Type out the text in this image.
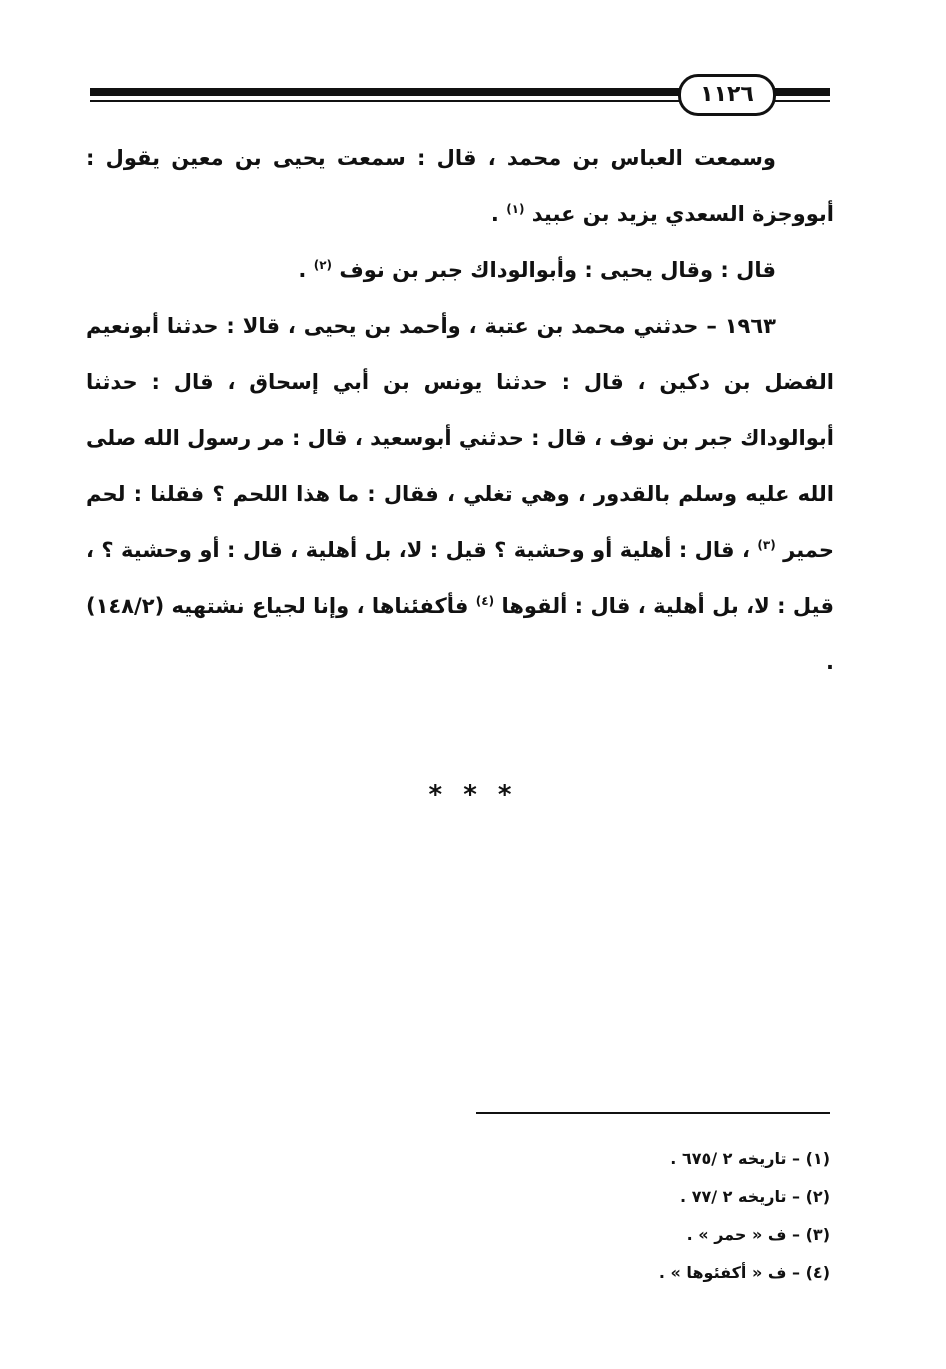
١١٢٦

وسمعت العباس بن محمد ، قال : سمعت يحيى بن معين يقول : أبووجزة السعدي يزيد بن عبيد $^{(١)}$ .

قال : وقال يحيى : وأبوالوداك جبر بن نوف $^{(٢)}$ .

١٩٦٣ – حدثني محمد بن عتبة ، وأحمد بن يحيى ، قالا : حدثنا أبونعيم الفضل بن دكين ، قال : حدثنا يونس بن أبي إسحاق ، قال : حدثنا أبوالوداك جبر بن نوف ، قال : حدثني أبوسعيد ، قال : مر رسول الله صلى الله عليه وسلم بالقدور ، وهي تغلي ، فقال : ما هذا اللحم ؟ فقلنا : لحم حمير $^{(٣)}$ ، قال : أهلية أو وحشية ؟ قيل : لا، بل أهلية ، قال : أو وحشية ؟ ، قيل : لا، بل أهلية ، قال : ألقوها $^{(٤)}$ فأكفئناها ، وإنا لجياع نشتهيه (١٤٨/٢) .

* * *

(١) – تاريخه ٢ /٦٧٥ .

(٢) – تاريخه ٢ /٧٧ .

(٣) – ف « حمر » .

(٤) – ف « أكفئوها » .
